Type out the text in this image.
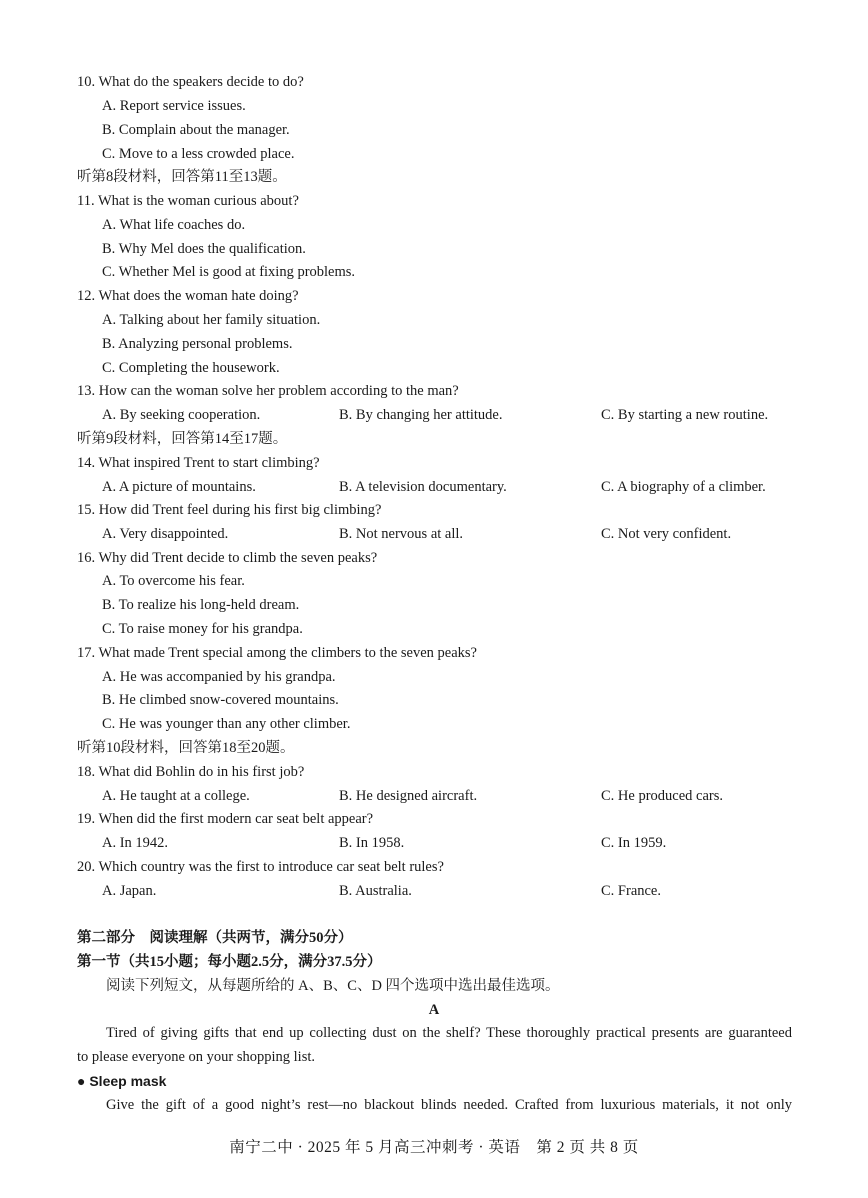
10. What do the speakers decide to do?
A. Report service issues.
B. Complain about the manager.
C. Move to a less crowded place.
听第8段材料，回答第11至13题。
11. What is the woman curious about?
A. What life coaches do.
B. Why Mel does the qualification.
C. Whether Mel is good at fixing problems.
12. What does the woman hate doing?
A. Talking about her family situation.
B. Analyzing personal problems.
C. Completing the housework.
13. How can the woman solve her problem according to the man?
A. By seeking cooperation.	B. By changing her attitude.	C. By starting a new routine.
听第9段材料，回答第14至17题。
14. What inspired Trent to start climbing?
A. A picture of mountains.	B. A television documentary.	C. A biography of a climber.
15. How did Trent feel during his first big climbing?
A. Very disappointed.	B. Not nervous at all.	C. Not very confident.
16. Why did Trent decide to climb the seven peaks?
A. To overcome his fear.
B. To realize his long-held dream.
C. To raise money for his grandpa.
17. What made Trent special among the climbers to the seven peaks?
A. He was accompanied by his grandpa.
B. He climbed snow-covered mountains.
C. He was younger than any other climber.
听第10段材料，回答第18至20题。
18. What did Bohlin do in his first job?
A. He taught at a college.	B. He designed aircraft.	C. He produced cars.
19. When did the first modern car seat belt appear?
A. In 1942.	B. In 1958.	C. In 1959.
20. Which country was the first to introduce car seat belt rules?
A. Japan.	B. Australia.	C. France.
第二部分　阅读理解（共两节，满分50分）
第一节（共15小题；每小题2.5分，满分37.5分）
阅读下列短文，从每题所给的 A、B、C、D 四个选项中选出最佳选项。
A
Tired of giving gifts that end up collecting dust on the shelf? These thoroughly practical presents are guaranteed
to please everyone on your shopping list.
● Sleep mask
Give the gift of a good night’s rest—no blackout blinds needed. Crafted from luxurious materials, it not only
南宁二中 · 2025 年 5 月高三冲刺考 · 英语　第 2 页 共 8 页
